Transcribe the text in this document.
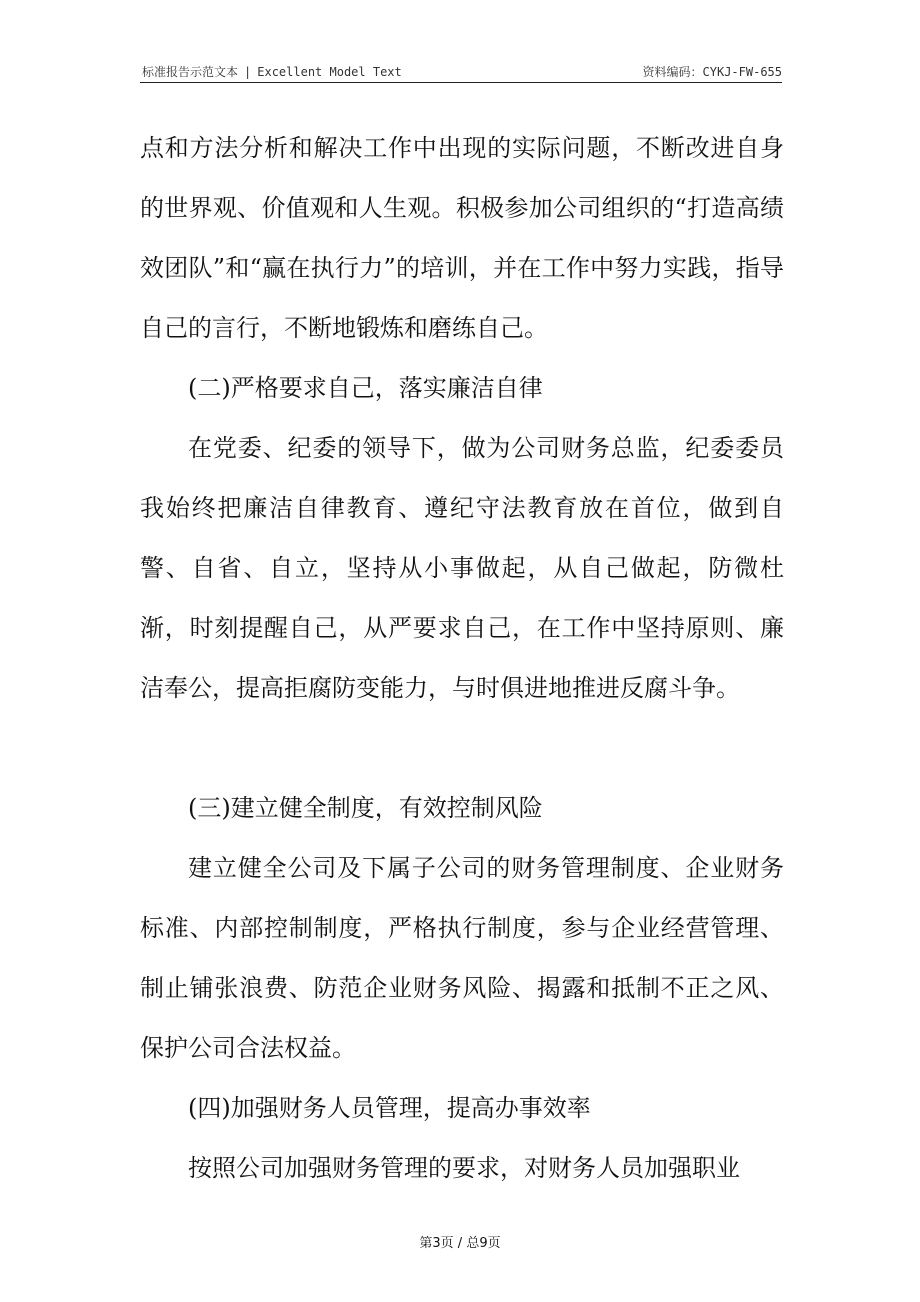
标准报告示范文本 | Excellent Model Text	资料编码：CYKJ-FW-655

点和方法分析和解决工作中出现的实际问题，不断改进自身的世界观、价值观和人生观。积极参加公司组织的“打造高绩效团队”和“赢在执行力”的培训，并在工作中努力实践，指导自己的言行，不断地锻炼和磨练自己。

(二)严格要求自己，落实廉洁自律

在党委、纪委的领导下，做为公司财务总监，纪委委员我始终把廉洁自律教育、遵纪守法教育放在首位，做到自警、自省、自立，坚持从小事做起，从自己做起，防微杜渐，时刻提醒自己，从严要求自己，在工作中坚持原则、廉洁奉公，提高拒腐防变能力，与时俱进地推进反腐斗争。

(三)建立健全制度，有效控制风险

建立健全公司及下属子公司的财务管理制度、企业财务标准、内部控制制度，严格执行制度，参与企业经营管理、制止铺张浪费、防范企业财务风险、揭露和抵制不正之风、保护公司合法权益。

(四)加强财务人员管理，提高办事效率

按照公司加强财务管理的要求，对财务人员加强职业

第3页 / 总9页
